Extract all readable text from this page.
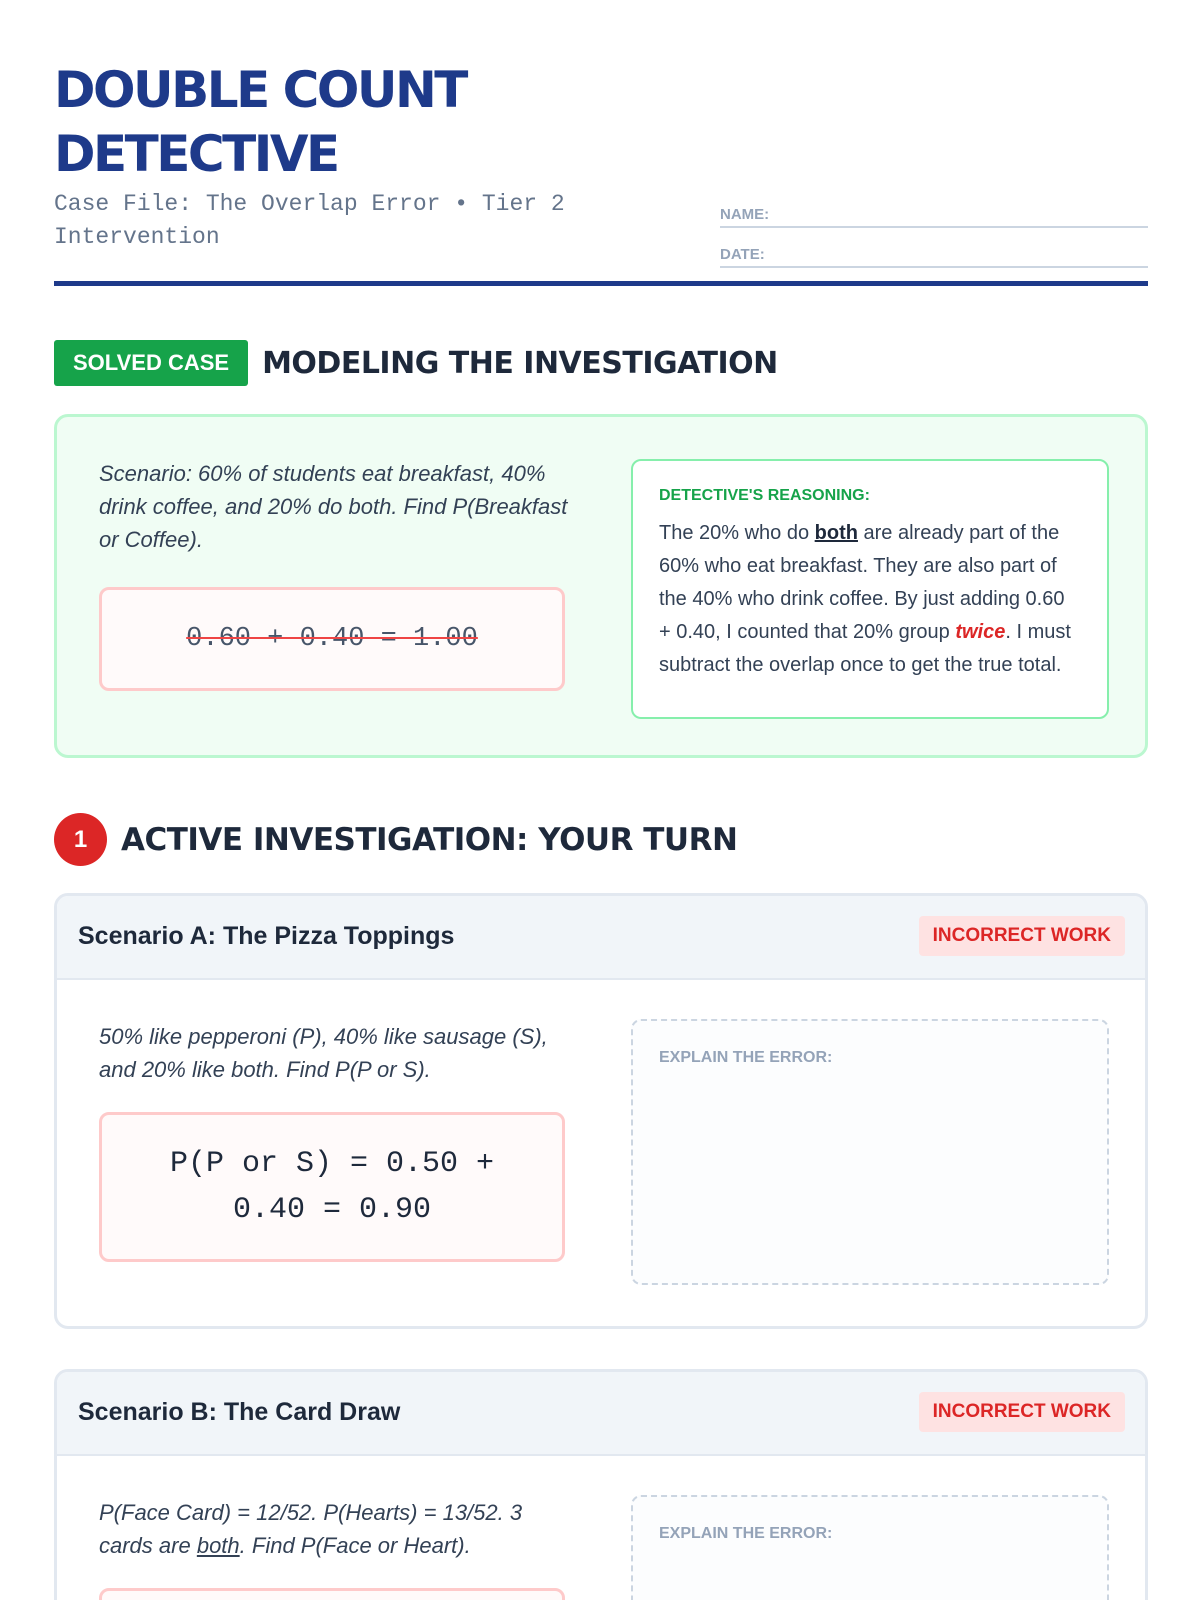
DOUBLE COUNT DETECTIVE
Case File: The Overlap Error • Tier 2 Intervention
NAME:
DATE:
SOLVED CASE	MODELING THE INVESTIGATION
Scenario: 60% of students eat breakfast, 40% drink coffee, and 20% do both. Find P(Breakfast or Coffee).
0.60 + 0.40 = 1.00
DETECTIVE'S REASONING:
The 20% who do both are already part of the 60% who eat breakfast. They are also part of the 40% who drink coffee. By just adding 0.60 + 0.40, I counted that 20% group twice. I must subtract the overlap once to get the true total.
1	ACTIVE INVESTIGATION: YOUR TURN
Scenario A: The Pizza Toppings	INCORRECT WORK
50% like pepperoni (P), 40% like sausage (S), and 20% like both. Find P(P or S).
P(P or S) = 0.50 + 0.40 = 0.90
EXPLAIN THE ERROR:
Scenario B: The Card Draw	INCORRECT WORK
P(Face Card) = 12/52. P(Hearts) = 13/52. 3 cards are both. Find P(Face or Heart).	EXPLAIN THE ERROR:
